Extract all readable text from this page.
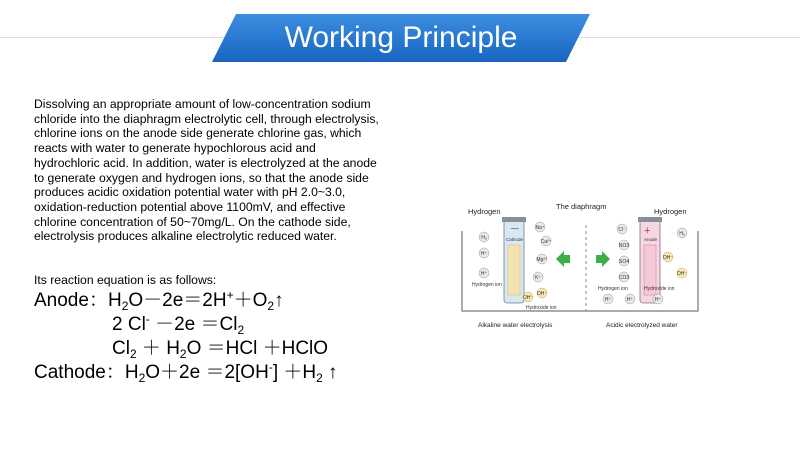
Working Principle
Dissolving an appropriate amount of low-concentration sodium chloride into the diaphragm electrolytic cell, through electrolysis, chlorine ions on the anode side generate chlorine gas, which reacts with water to generate hypochlorous acid and hydrochloric acid. In addition, water is electrolyzed at the anode to generate oxygen and hydrogen ions, so that the anode side produces acidic oxidation potential water with pH 2.0~3.0, oxidation-reduction potential above 1100mV, and effective chlorine concentration of 50~70mg/L. On the cathode side, electrolysis produces alkaline electrolytic reduced water.
Its reaction equation is as follows:
Anode：$H_2O-2e=2H^++O_2↑$
2 $Cl^- -2e =Cl_2$
$Cl_2 + H_2O =HCl$ ＋HClO
Cathode：$H_2O+2e =2[OH^-] +H_2$ ↑
Hydrogen
The diaphragm
Hydrogen
—
Cathode
+
Anode
H₂
H⁺
H⁺
Na⁺
Ca²⁺
Mg²⁺
K⁺
OH⁻
OH⁻
Hydrogen ion
Hydroxide ion
Cl⁻
NO3
SO4
CO3
H₂
OH⁻
OH⁻
H⁺	H⁺	H⁺
Hydrogen ion	Hydroxide ion
Alkaline water electrolysis	Acidic electrolyzed water
